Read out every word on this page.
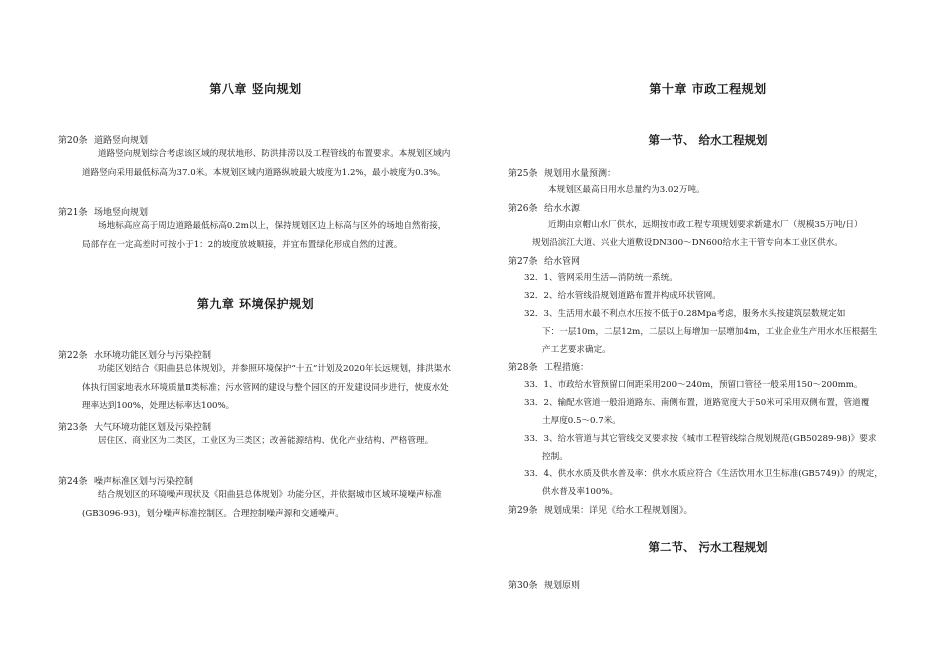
第八章 竖向规划
第20条 道路竖向规划
道路竖向规划综合考虑该区域的现状地形、防洪排涝以及工程管线的布置要求。本规划区域内道路竖向采用最低标高为37.0米。本规划区域内道路纵坡最大坡度为1.2%，最小坡度为0.3%。
第21条 场地竖向规划
场地标高应高于周边道路最低标高0.2m以上，保持规划区边上标高与区外的场地自然衔接，局部存在一定高差时可按小于1：2的坡度放坡顺接，并宜布置绿化形成自然的过渡。
第九章 环境保护规划
第22条 水环境功能区划分与污染控制
功能区划结合《阳曲县总体规划》，并参照环境保护“十五”计划及2020年长远规划，排洪渠水体执行国家地表水环境质量Ⅱ类标准；污水管网的建设与整个园区的开发建设同步进行，使废水处理率达到100%，处理达标率达100%。
第23条 大气环境功能区划及污染控制
居住区、商业区为二类区，工业区为三类区；改善能源结构、优化产业结构、严格管理。
第24条 噪声标准区划与污染控制
结合规划区的环境噪声现状及《阳曲县总体规划》功能分区，并依据城市区域环境噪声标准(GB3096-93)，划分噪声标准控制区。合理控制噪声源和交通噪声。
第十章 市政工程规划
第一节、 给水工程规划
第25条 规划用水量预测：
本规划区最高日用水总量约为3.02万吨。
第26条 给水水源
近期由京帽山水厂供水，远期按市政工程专项规划要求新建水厂（规模35万吨/日）
规划沿滨江大道、兴业大道敷设DN300～DN600给水主干管专向本工业区供水。
第27条 给水管网
32．1、管网采用生活—消防统一系统。
32．2、给水管线沿规划道路布置并构成环状管网。
32．3、生活用水最不利点水压按不低于0.28Mpa考虑，服务水头按建筑层数规定如
下：一层10m，二层12m，二层以上每增加一层增加4m，工业企业生产用水水压根据生
产工艺要求确定。
第28条 工程措施：
33．1、市政给水管预留口间距采用200～240m，预留口管径一般采用150～200mm。
33．2、输配水管道一般沿道路东、南侧布置，道路宽度大于50米可采用双侧布置，管道覆
土厚度0.5～0.7米。
33．3、给水管道与其它管线交叉要求按《城市工程管线综合规划规范(GB50289-98)》要求
控制。
33．4、供水水质及供水普及率：供水水质应符合《生活饮用水卫生标准(GB5749)》的规定，
供水普及率100%。
第29条 规划成果：详见《给水工程规划图》。
第二节、 污水工程规划
第30条 规划原则
